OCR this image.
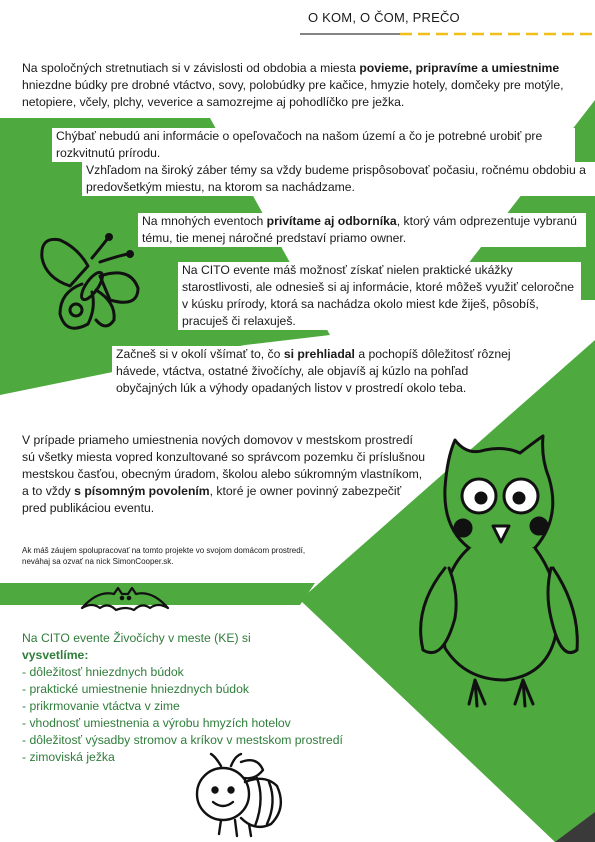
O KOM, O ČOM, PREČO
Na spoločných stretnutiach si v závislosti od obdobia a miesta povieme, pripravíme a umiestnime hniezdne búdky pre drobné vtáctvo, sovy, polobúdky pre kačice, hmyzie hotely, domčeky pre motýle, netopiere, včely, plchy, veverice a samozrejme aj pohodlíčko pre ježka.
Chýbať nebudú ani informácie o opeľovačoch na našom území a čo je potrebné urobiť pre rozkvitnutú prírodu.
Vzhľadom na široký záber témy sa vždy budeme prispôsobovať počasiu, ročnému obdobiu a predovšetkým miestu, na ktorom sa nachádzame.
Na mnohých eventoch privítame aj odborníka, ktorý vám odprezentuje vybranú tému, tie menej náročné predstaví priamo owner.
Na CITO evente máš možnosť získať nielen praktické ukážky starostlivosti, ale odnesieš si aj informácie, ktoré môžeš využiť celoročne v kúsku prírody, ktorá sa nachádza okolo miest kde žiješ, pôsobíš, pracuješ či relaxuješ.
Začneš si v okolí všímať to, čo si prehliadal a pochopíš dôležitosť rôznej hávede, vtáctva, ostatné živočíchy, ale objavíš aj kúzlo na pohľad obyčajných lúk a výhody opadaných listov v prostredí okolo teba.
V prípade priameho umiestnenia nových domovov v mestskom prostredí sú všetky miesta vopred konzultované so správcom pozemku či príslušnou mestskou časťou, obecným úradom, školou alebo súkromným vlastníkom, a to vždy s písomným povolením, ktoré je owner povinný zabezpečiť pred publikáciou eventu.
Ak máš záujem spolupracovať na tomto projekte vo svojom domácom prostredí, neváhaj sa ozvať na nick SimonCooper.sk.
Na CITO evente Živočíchy v meste (KE) si
vysvetlíme:
- dôležitosť hniezdnych búdok
- praktické umiestnenie hniezdnych búdok
- prikrmovanie vtáctva v zime
- vhodnosť umiestnenia a výrobu hmyzích hotelov
- dôležitosť výsadby stromov a kríkov v mestskom prostredí
- zimoviská ježka
